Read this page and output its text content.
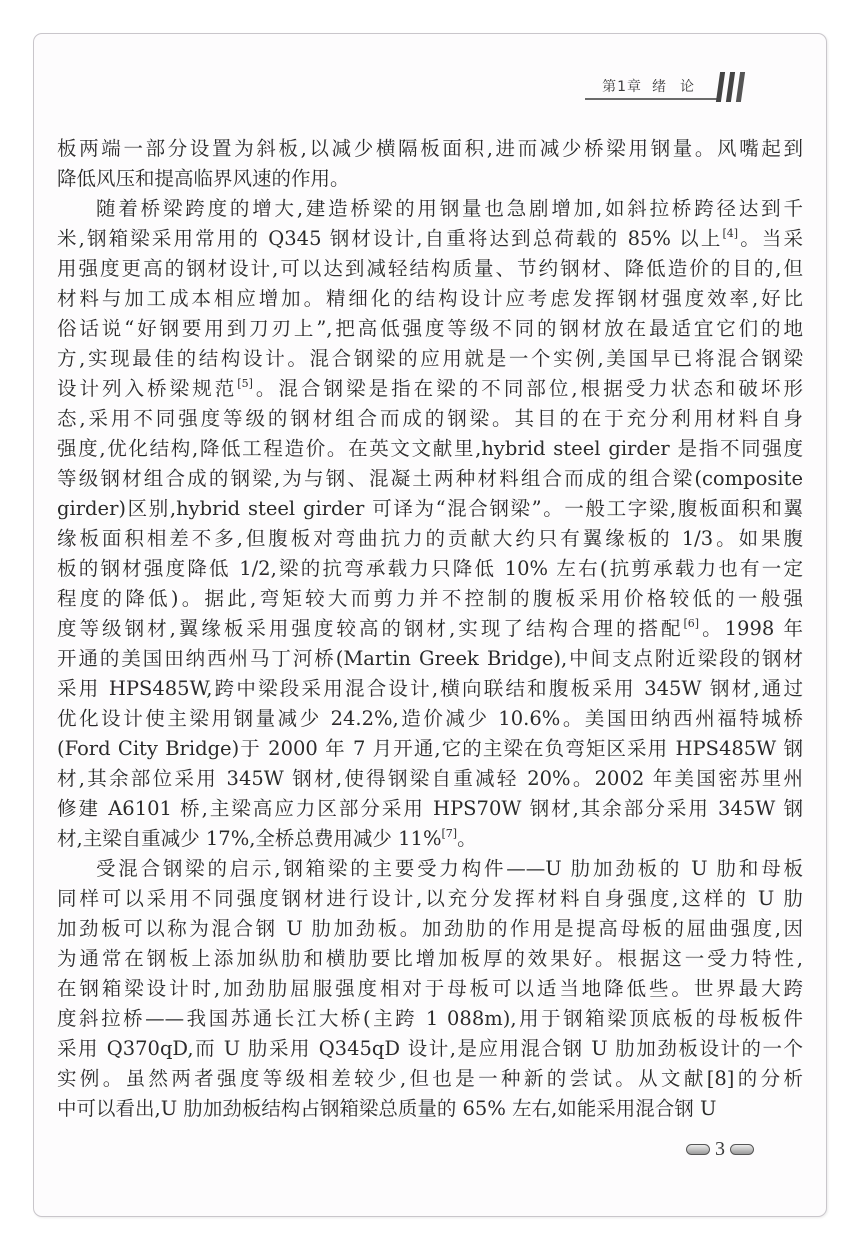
第1章 绪论
板两端一部分设置为斜板,以减少横隔板面积,进而减少桥梁用钢量。风嘴起到
降低风压和提高临界风速的作用。
随着桥梁跨度的增大,建造桥梁的用钢量也急剧增加,如斜拉桥跨径达到千
米,钢箱梁采用常用的 Q345 钢材设计,自重将达到总荷载的 85% 以上[4]。当采
用强度更高的钢材设计,可以达到减轻结构质量、节约钢材、降低造价的目的,但
材料与加工成本相应增加。精细化的结构设计应考虑发挥钢材强度效率,好比
俗话说“好钢要用到刀刃上”,把高低强度等级不同的钢材放在最适宜它们的地
方,实现最佳的结构设计。混合钢梁的应用就是一个实例,美国早已将混合钢梁
设计列入桥梁规范[5]。混合钢梁是指在梁的不同部位,根据受力状态和破坏形
态,采用不同强度等级的钢材组合而成的钢梁。其目的在于充分利用材料自身
强度,优化结构,降低工程造价。在英文文献里,hybrid steel girder 是指不同强度
等级钢材组合成的钢梁,为与钢、混凝土两种材料组合而成的组合梁(composite
girder)区别,hybrid steel girder 可译为“混合钢梁”。一般工字梁,腹板面积和翼
缘板面积相差不多,但腹板对弯曲抗力的贡献大约只有翼缘板的 1/3。如果腹
板的钢材强度降低 1/2,梁的抗弯承载力只降低 10% 左右(抗剪承载力也有一定
程度的降低)。据此,弯矩较大而剪力并不控制的腹板采用价格较低的一般强
度等级钢材,翼缘板采用强度较高的钢材,实现了结构合理的搭配[6]。1998 年
开通的美国田纳西州马丁河桥(Martin Greek Bridge),中间支点附近梁段的钢材
采用 HPS485W,跨中梁段采用混合设计,横向联结和腹板采用 345W 钢材,通过
优化设计使主梁用钢量减少 24.2%,造价减少 10.6%。美国田纳西州福特城桥
(Ford City Bridge)于 2000 年 7 月开通,它的主梁在负弯矩区采用 HPS485W 钢
材,其余部位采用 345W 钢材,使得钢梁自重减轻 20%。2002 年美国密苏里州
修建 A6101 桥,主梁高应力区部分采用 HPS70W 钢材,其余部分采用 345W 钢
材,主梁自重减少 17%,全桥总费用减少 11%[7]。
受混合钢梁的启示,钢箱梁的主要受力构件——U 肋加劲板的 U 肋和母板
同样可以采用不同强度钢材进行设计,以充分发挥材料自身强度,这样的 U 肋
加劲板可以称为混合钢 U 肋加劲板。加劲肋的作用是提高母板的屈曲强度,因
为通常在钢板上添加纵肋和横肋要比增加板厚的效果好。根据这一受力特性,
在钢箱梁设计时,加劲肋屈服强度相对于母板可以适当地降低些。世界最大跨
度斜拉桥——我国苏通长江大桥(主跨 1 088m),用于钢箱梁顶底板的母板板件
采用 Q370qD,而 U 肋采用 Q345qD 设计,是应用混合钢 U 肋加劲板设计的一个
实例。虽然两者强度等级相差较少,但也是一种新的尝试。从文献[8]的分析
中可以看出,U 肋加劲板结构占钢箱梁总质量的 65% 左右,如能采用混合钢 U
3
